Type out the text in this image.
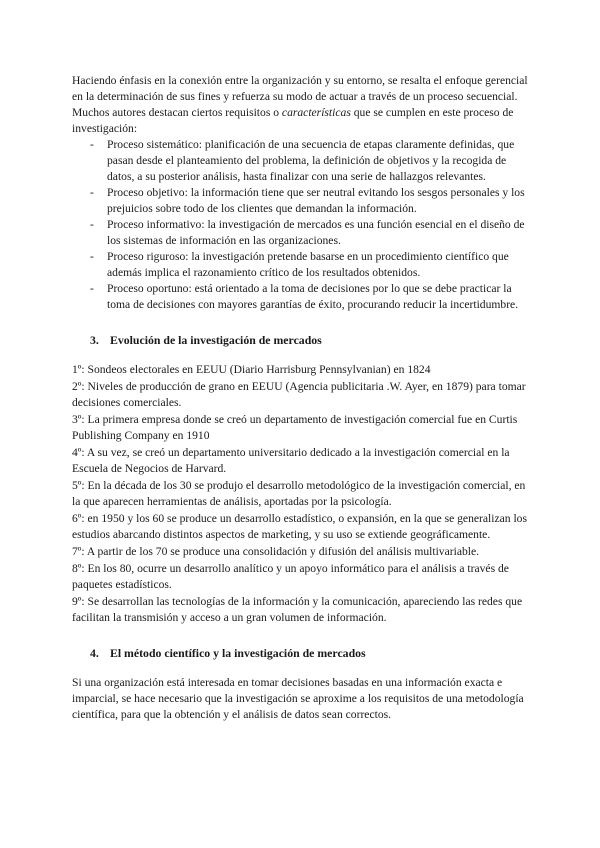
Haciendo énfasis en la conexión entre la organización y su entorno, se resalta el enfoque gerencial en la determinación de sus fines y refuerza su modo de actuar a través de un proceso secuencial. Muchos autores destacan ciertos requisitos o características que se cumplen en este proceso de investigación:

- Proceso sistemático: planificación de una secuencia de etapas claramente definidas, que pasan desde el planteamiento del problema, la definición de objetivos y la recogida de datos, a su posterior análisis, hasta finalizar con una serie de hallazgos relevantes.
- Proceso objetivo: la información tiene que ser neutral evitando los sesgos personales y los prejuicios sobre todo de los clientes que demandan la información.
- Proceso informativo: la investigación de mercados es una función esencial en el diseño de los sistemas de información en las organizaciones.
- Proceso riguroso: la investigación pretende basarse en un procedimiento científico que además implica el razonamiento crítico de los resultados obtenidos.
- Proceso oportuno: está orientado a la toma de decisiones por lo que se debe practicar la toma de decisiones con mayores garantías de éxito, procurando reducir la incertidumbre.

3. Evolución de la investigación de mercados

1º: Sondeos electorales en EEUU (Diario Harrisburg Pennsylvanian) en 1824

2º: Niveles de producción de grano en EEUU (Agencia publicitaria .W. Ayer, en 1879) para tomar decisiones comerciales.

3º: La primera empresa donde se creó un departamento de investigación comercial fue en Curtis Publishing Company en 1910

4º: A su vez, se creó un departamento universitario dedicado a la investigación comercial en la Escuela de Negocios de Harvard.

5º: En la década de los 30 se produjo el desarrollo metodológico de la investigación comercial, en la que aparecen herramientas de análisis, aportadas por la psicología.

6º: en 1950 y los 60 se produce un desarrollo estadístico, o expansión, en la que se generalizan los estudios abarcando distintos aspectos de marketing, y su uso se extiende geográficamente.

7º: A partir de los 70 se produce una consolidación y difusión del análisis multivariable.

8º: En los 80, ocurre un desarrollo analítico y un apoyo informático para el análisis a través de paquetes estadísticos.

9º: Se desarrollan las tecnologías de la información y la comunicación, apareciendo las redes que facilitan la transmisión y acceso a un gran volumen de información.

4. El método científico y la investigación de mercados

Si una organización está interesada en tomar decisiones basadas en una información exacta e imparcial, se hace necesario que la investigación se aproxime a los requisitos de una metodología científica, para que la obtención y el análisis de datos sean correctos.
